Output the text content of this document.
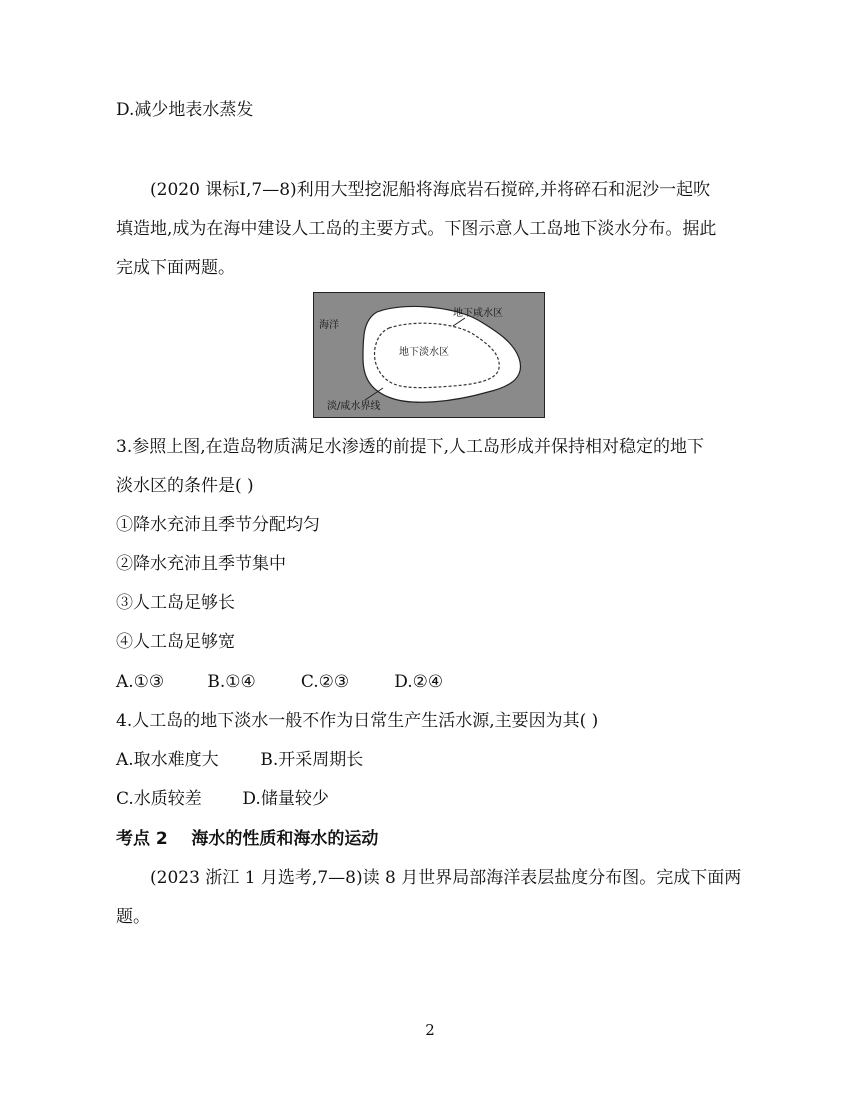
D.减少地表水蒸发
(2020 课标Ⅰ,7—8)利用大型挖泥船将海底岩石搅碎,并将碎石和泥沙一起吹
填造地,成为在海中建设人工岛的主要方式。下图示意人工岛地下淡水分布。据此
完成下面两题。
海洋
地下咸水区
地下淡水区
淡/咸水界线
3.参照上图,在造岛物质满足水渗透的前提下,人工岛形成并保持相对稳定的地下
淡水区的条件是( )
①降水充沛且季节分配均匀
②降水充沛且季节集中
③人工岛足够长
④人工岛足够宽
A.①③	B.①④	C.②③	D.②④
4.人工岛的地下淡水一般不作为日常生产生活水源,主要因为其( )
A.取水难度大 B.开采周期长
C.水质较差 D.储量较少
考点 2    海水的性质和海水的运动
(2023 浙江 1 月选考,7—8)读 8 月世界局部海洋表层盐度分布图。完成下面两
题。
2
